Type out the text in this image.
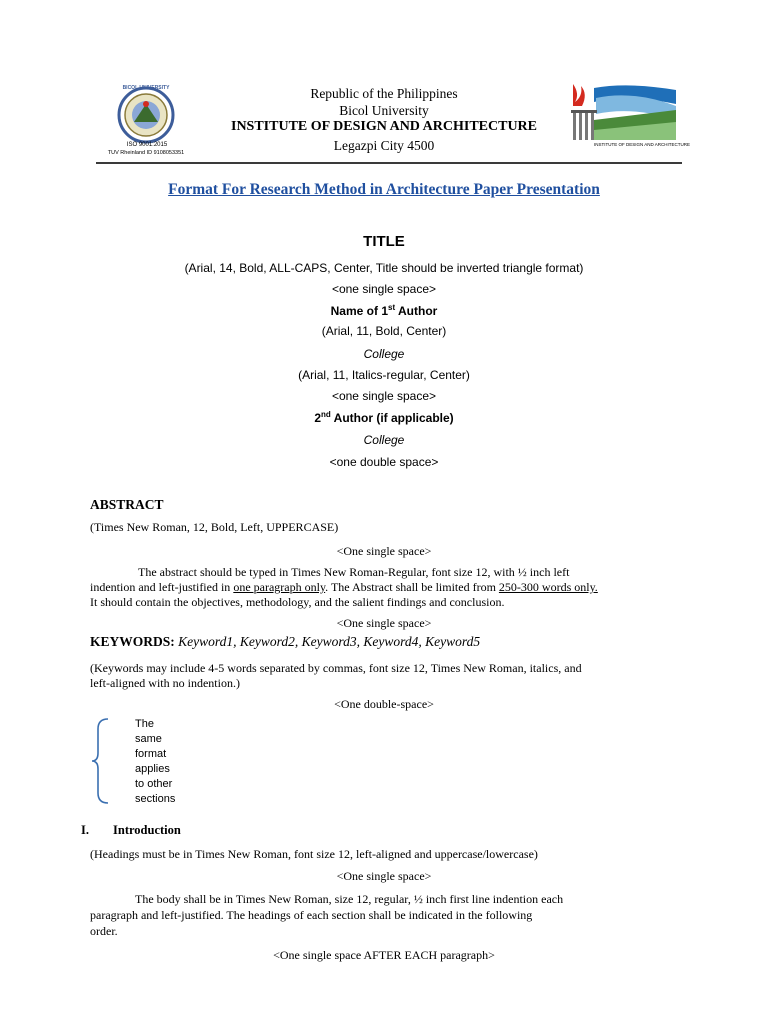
ISO 9001:2015
TUV Rheinland ID 9108053351
BICOL UNIVERSITY	Republic of the Philippines
Bicol University
INSTITUTE OF DESIGN AND ARCHITECTURE
Legazpi City 4500	INSTITUTE OF DESIGN AND ARCHITECTURE
Format For Research Method in Architecture Paper Presentation
TITLE
(Arial, 14, Bold, ALL-CAPS, Center, Title should be inverted triangle format)
<one single space>
Name of 1st Author
(Arial, 11, Bold, Center)
College
(Arial, 11, Italics-regular, Center)
<one single space>
2nd Author (if applicable)
College
<one double space>
ABSTRACT
(Times New Roman, 12, Bold, Left, UPPERCASE)
<One single space>
The abstract should be typed in Times New Roman-Regular, font size 12, with ½ inch left
indention and left-justified in one paragraph only. The Abstract shall be limited from 250-300 words only.
It should contain the objectives, methodology, and the salient findings and conclusion.
<One single space>
KEYWORDS: Keyword1, Keyword2, Keyword3, Keyword4, Keyword5
(Keywords may include 4-5 words separated by commas, font size 12, Times New Roman, italics, and
left-aligned with no indention.)
<One double-space>
The
same
format
applies
to other
sections
I. Introduction
(Headings must be in Times New Roman, font size 12, left-aligned and uppercase/lowercase)
<One single space>
The body shall be in Times New Roman, size 12, regular, ½ inch first line indention each
paragraph and left-justified. The headings of each section shall be indicated in the following
order.
<One single space AFTER EACH paragraph>
